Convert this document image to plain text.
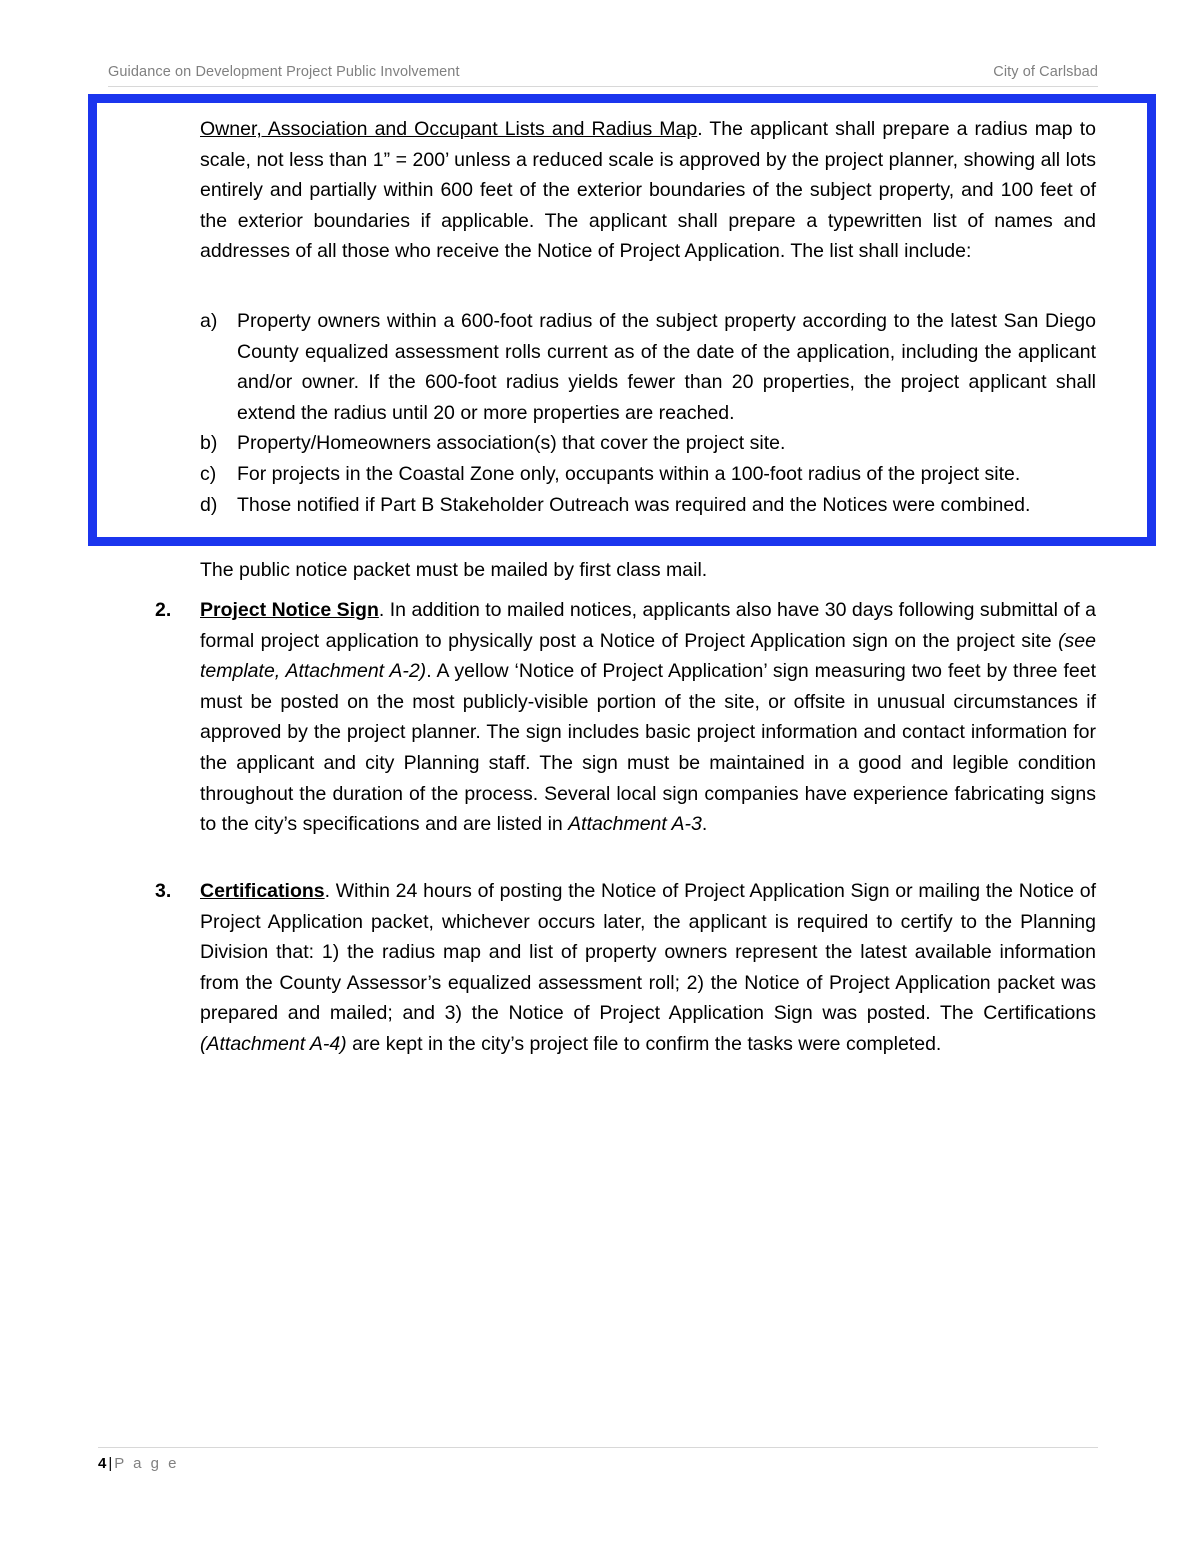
Guidance on Development Project Public Involvement	City of Carlsbad

Owner, Association and Occupant Lists and Radius Map. The applicant shall prepare a radius map to scale, not less than 1” = 200’ unless a reduced scale is approved by the project planner, showing all lots entirely and partially within 600 feet of the exterior boundaries of the subject property, and 100 feet of the exterior boundaries if applicable. The applicant shall prepare a typewritten list of names and addresses of all those who receive the Notice of Project Application. The list shall include:

a)	Property owners within a 600-foot radius of the subject property according to the latest San Diego County equalized assessment rolls current as of the date of the application, including the applicant and/or owner. If the 600-foot radius yields fewer than 20 properties, the project applicant shall extend the radius until 20 or more properties are reached.
b)	Property/Homeowners association(s) that cover the project site.
c)	For projects in the Coastal Zone only, occupants within a 100-foot radius of the project site.
d)	Those notified if Part B Stakeholder Outreach was required and the Notices were combined.

The public notice packet must be mailed by first class mail.

2.	Project Notice Sign. In addition to mailed notices, applicants also have 30 days following submittal of a formal project application to physically post a Notice of Project Application sign on the project site (see template, Attachment A-2). A yellow ‘Notice of Project Application’ sign measuring two feet by three feet must be posted on the most publicly-visible portion of the site, or offsite in unusual circumstances if approved by the project planner. The sign includes basic project information and contact information for the applicant and city Planning staff. The sign must be maintained in a good and legible condition throughout the duration of the process. Several local sign companies have experience fabricating signs to the city’s specifications and are listed in Attachment A-3.
3.	Certifications. Within 24 hours of posting the Notice of Project Application Sign or mailing the Notice of Project Application packet, whichever occurs later, the applicant is required to certify to the Planning Division that: 1) the radius map and list of property owners represent the latest available information from the County Assessor’s equalized assessment roll; 2) the Notice of Project Application packet was prepared and mailed; and 3) the Notice of Project Application Sign was posted. The Certifications (Attachment A-4) are kept in the city’s project file to confirm the tasks were completed.
4 | P a g e
